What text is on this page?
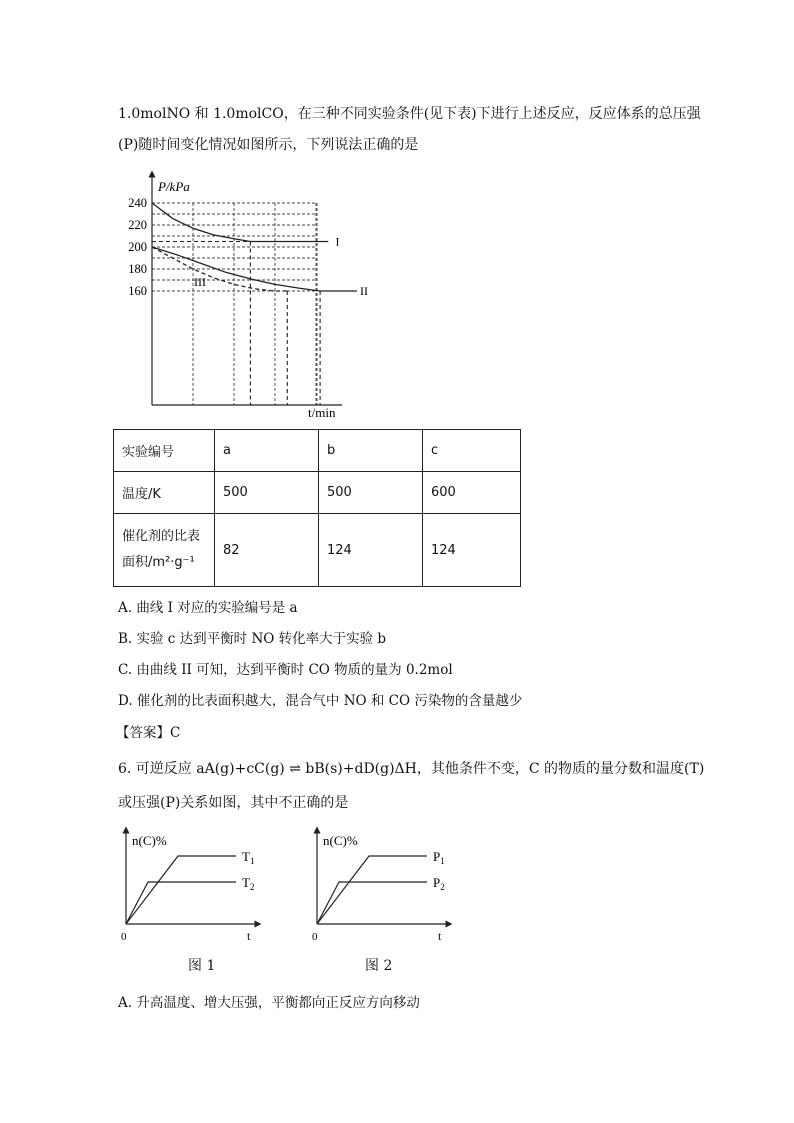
1.0molNO 和 1.0molCO，在三种不同实验条件(见下表)下进行上述反应，反应体系的总压强
(P)随时间变化情况如图所示，下列说法正确的是
P/kPa
t/min
240
220
200
180
160
I
II
III
实验编号	a	b	c
温度/K	500	500	600
催化剂的比表
面积/m²·g⁻¹	82	124	124
A. 曲线 I 对应的实验编号是 a
B. 实验 c 达到平衡时 NO 转化率大于实验 b
C. 由曲线 II 可知，达到平衡时 CO 物质的量为 0.2mol
D. 催化剂的比表面积越大，混合气中 NO 和 CO 污染物的含量越少
【答案】C
6. 可逆反应 aA(g)+cC(g) ⇌ bB(s)+dD(g)ΔH，其他条件不变，C 的物质的量分数和温度(T)
或压强(P)关系如图，其中不正确的是
n(C)%
0	t
$T_1$
$T_2$
图 1
n(C)%
0	t
$P_1$
$P_2$
图 2
A. 升高温度、增大压强，平衡都向正反应方向移动
